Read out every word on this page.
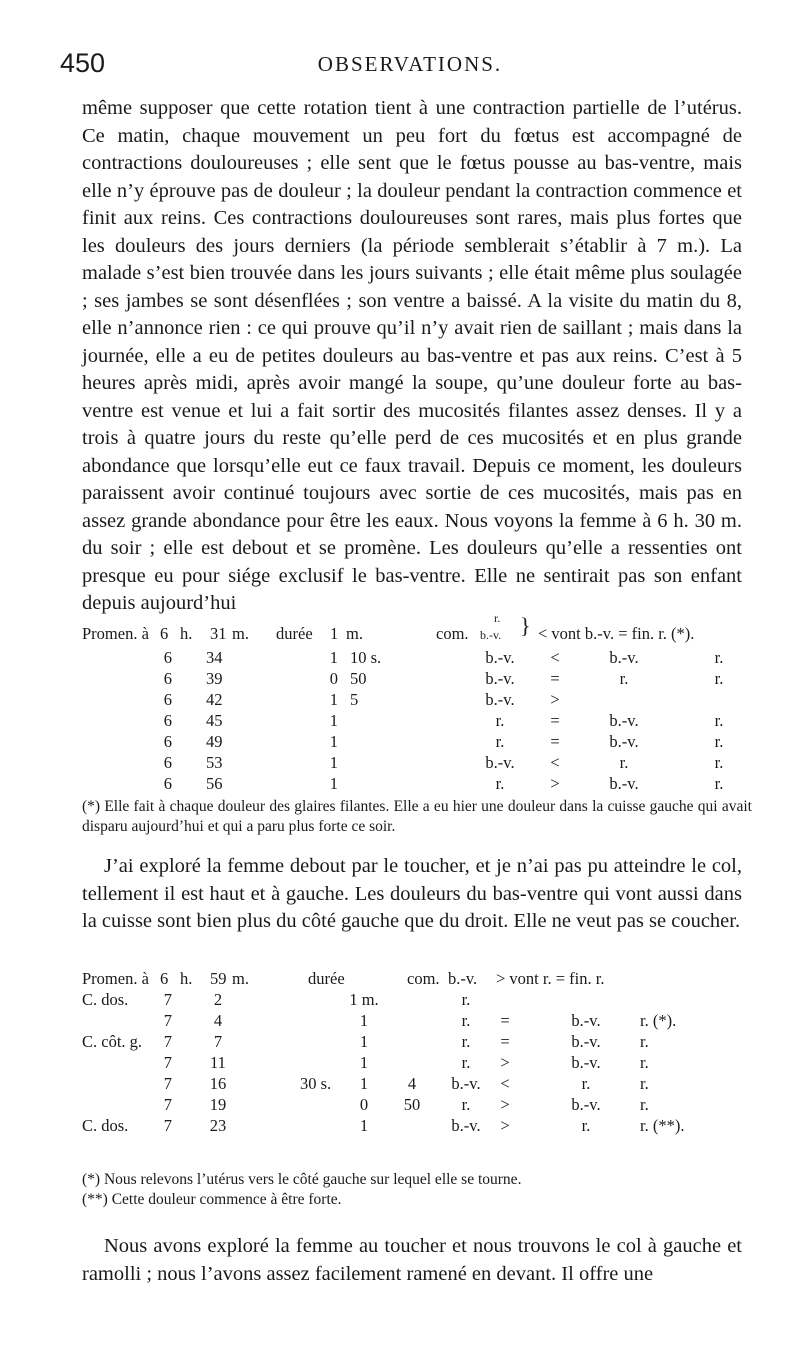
450	OBSERVATIONS.

même supposer que cette rotation tient à une contraction partielle de l’utérus. Ce matin, chaque mouvement un peu fort du fœtus est accompagné de contractions douloureuses ; elle sent que le fœtus pousse au bas-ventre, mais elle n’y éprouve pas de douleur ; la douleur pendant la contraction commence et finit aux reins. Ces contractions douloureuses sont rares, mais plus fortes que les douleurs des jours derniers (la période semblerait s’établir à 7 m.). La malade s’est bien trouvée dans les jours suivants ; elle était même plus soulagée ; ses jambes se sont désenflées ; son ventre a baissé. A la visite du matin du 8, elle n’annonce rien : ce qui prouve qu’il n’y avait rien de saillant ; mais dans la journée, elle a eu de petites douleurs au bas-ventre et pas aux reins. C’est à 5 heures après midi, après avoir mangé la soupe, qu’une douleur forte au bas-ventre est venue et lui a fait sortir des mucosités filantes assez denses. Il y a trois à quatre jours du reste qu’elle perd de ces mucosités et en plus grande abondance que lorsqu’elle eut ce faux travail. Depuis ce moment, les douleurs paraissent avoir continué toujours avec sortie de ces mucosités, mais pas en assez grande abondance pour être les eaux. Nous voyons la femme à 6 h. 30 m. du soir ; elle est debout et se promène. Les douleurs qu’elle a ressenties ont presque eu pour siége exclusif le bas-ventre. Elle ne sentirait pas son enfant depuis aujourd’hui

Promen. à 6 h. 31 m. durée 1 m.	com.
r.
b.-v. } < vont b.-v. = fin. r. (*).
6 34	1 10 s.	b.-v.	<	b.-v.	r.
6 39	0 50	b.-v.	=	r.	r.
6 42	1 5	b.-v.	>
6 45	1	r.	=	b.-v.	r.
6 49	1	r.	=	b.-v.	r.
6 53	1	b.-v.	<	r.	r.
6 56	1	r.	>	b.-v.	r.

(*) Elle fait à chaque douleur des glaires filantes. Elle a eu hier une douleur dans la cuisse gauche qui avait disparu aujourd’hui et qui a paru plus forte ce soir.

J’ai exploré la femme debout par le toucher, et je n’ai pas pu atteindre le col, tellement il est haut et à gauche. Les douleurs du bas-ventre qui vont aussi dans la cuisse sont bien plus du côté gauche que du droit. Elle ne veut pas se coucher.

Promen. à 6 h. 59 m.	durée	com. b.-v. > vont r. = fin. r.
C. dos.	7	2	1 m.	r.
7	4	1	r.	=	b.-v.	r. (*).
C. côt. g.	7	7	1	r.	=	b.-v.	r.
7 11	1	r.	>	b.-v.	r.
7 16	30 s.	1	4	b.-v.	<	r.	r.
7 19	0	50	r.	>	b.-v.	r.
C. dos.	7 23	1	b.-v.	>	r.	r. (**).

(*) Nous relevons l’utérus vers le côté gauche sur lequel elle se tourne.

(**) Cette douleur commence à être forte.

Nous avons exploré la femme au toucher et nous trouvons le col à gauche et ramolli ; nous l’avons assez facilement ramené en devant. Il offre une
